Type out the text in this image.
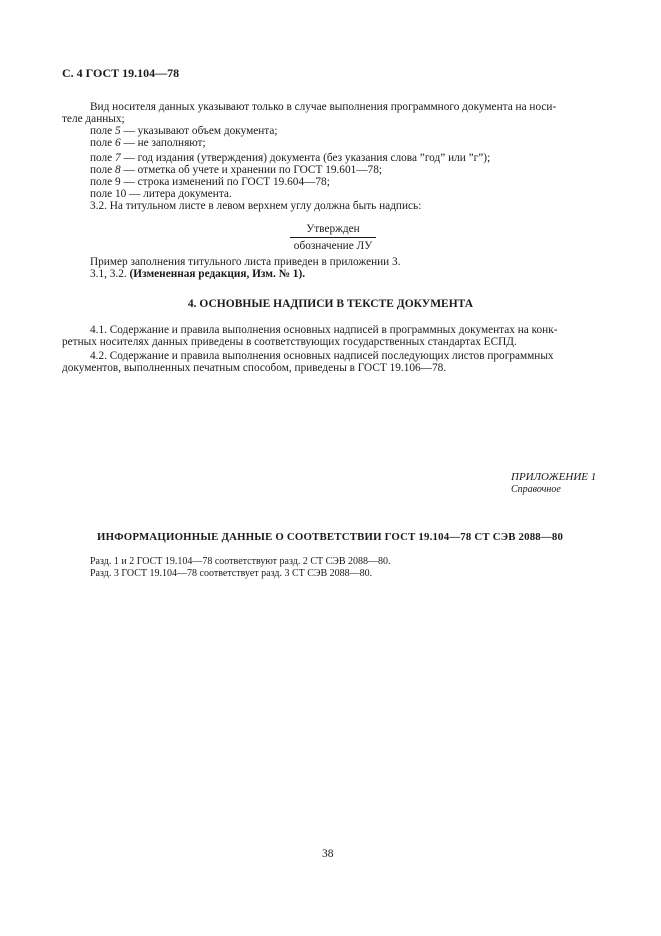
С. 4 ГОСТ 19.104—78
Вид носителя данных указывают только в случае выполнения программного документа на носи-
теле данных;
поле 5 — указывают объем документа;
поле 6 — не заполняют;
поле 7 — год издания (утверждения) документа (без указания слова ”год” или ”г”);
поле 8 — отметка об учете и хранении по ГОСТ 19.601—78;
поле 9 — строка изменений по ГОСТ 19.604—78;
поле 10 — литера документа.
3.2. На титульном листе в левом верхнем углу должна быть надпись:
Утвержден
обозначение ЛУ
Пример заполнения титульного листа приведен в приложении 3.
3.1, 3.2. (Измененная редакция, Изм. № 1).
4. ОСНОВНЫЕ НАДПИСИ В ТЕКСТЕ ДОКУМЕНТА
4.1. Содержание и правила выполнения основных надписей в программных документах на конк-
ретных носителях данных приведены в соответствующих государственных стандартах ЕСПД.
4.2. Содержание и правила выполнения основных надписей последующих листов программных
документов, выполненных печатным способом, приведены в ГОСТ 19.106—78.
ПРИЛОЖЕНИЕ 1
Справочное
ИНФОРМАЦИОННЫЕ ДАННЫЕ О СООТВЕТСТВИИ ГОСТ 19.104—78 СТ СЭВ 2088—80
Разд. 1 и 2 ГОСТ 19.104—78 соответствуют разд. 2 СТ СЭВ 2088—80.
Разд. 3 ГОСТ 19.104—78 соответствует разд. 3 СТ СЭВ 2088—80.
38
